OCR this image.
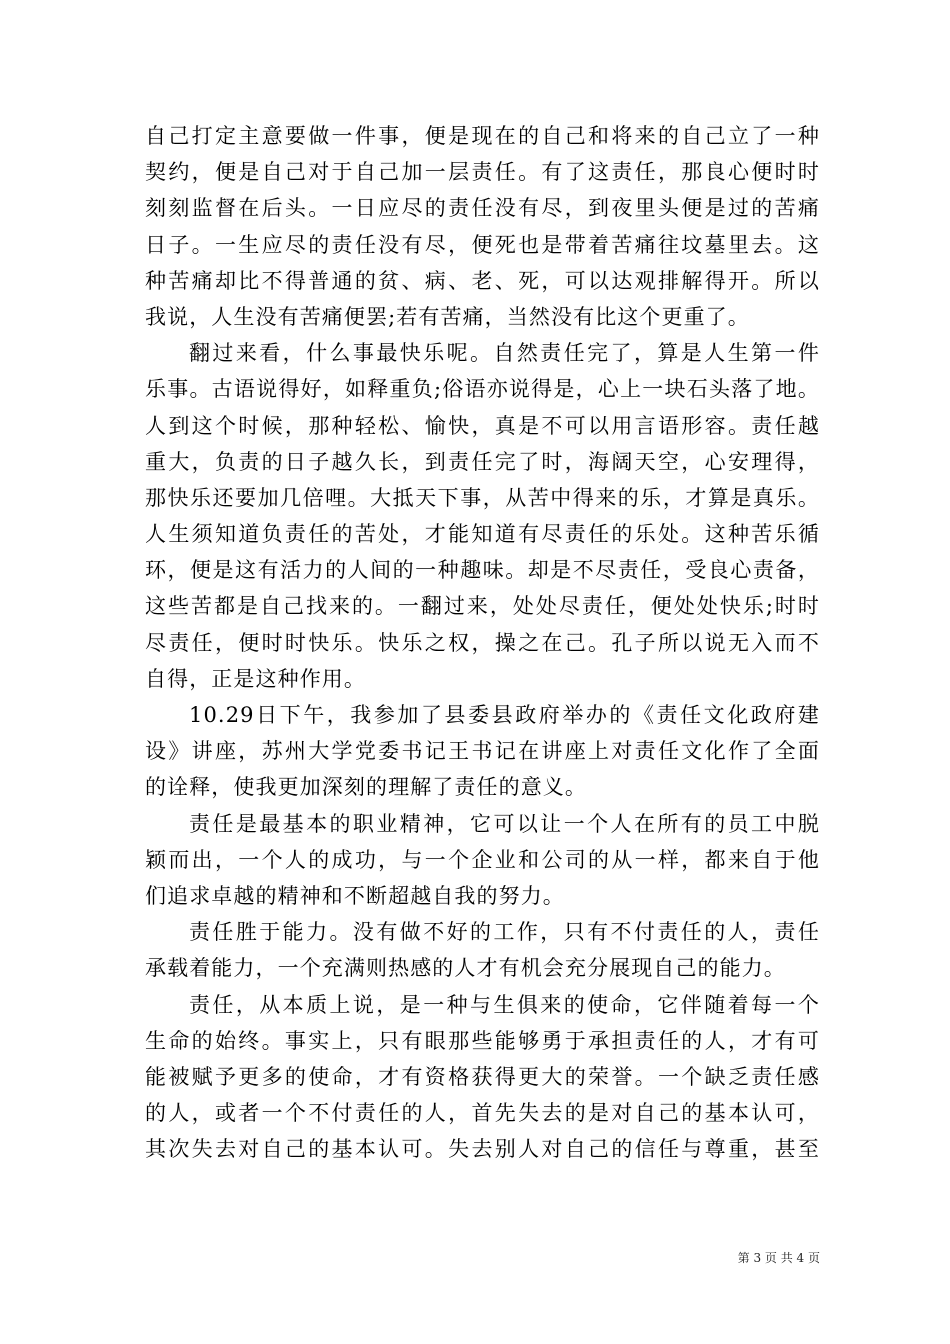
自己打定主意要做一件事，便是现在的自己和将来的自己立了一种
契约，便是自己对于自己加一层责任。有了这责任，那良心便时时
刻刻监督在后头。一日应尽的责任没有尽，到夜里头便是过的苦痛
日子。一生应尽的责任没有尽，便死也是带着苦痛往坟墓里去。这
种苦痛却比不得普通的贫、病、老、死，可以达观排解得开。所以
我说，人生没有苦痛便罢;若有苦痛，当然没有比这个更重了。
翻过来看，什么事最快乐呢。自然责任完了，算是人生第一件
乐事。古语说得好，如释重负;俗语亦说得是，心上一块石头落了地。
人到这个时候，那种轻松、愉快，真是不可以用言语形容。责任越
重大，负责的日子越久长，到责任完了时，海阔天空，心安理得，
那快乐还要加几倍哩。大抵天下事，从苦中得来的乐，才算是真乐。
人生须知道负责任的苦处，才能知道有尽责任的乐处。这种苦乐循
环，便是这有活力的人间的一种趣味。却是不尽责任，受良心责备，
这些苦都是自己找来的。一翻过来，处处尽责任，便处处快乐;时时
尽责任，便时时快乐。快乐之权，操之在己。孔子所以说无入而不
自得，正是这种作用。
10.29日下午，我参加了县委县政府举办的《责任文化政府建
设》讲座，苏州大学党委书记王书记在讲座上对责任文化作了全面
的诠释，使我更加深刻的理解了责任的意义。
责任是最基本的职业精神，它可以让一个人在所有的员工中脱
颖而出，一个人的成功，与一个企业和公司的从一样，都来自于他
们追求卓越的精神和不断超越自我的努力。
责任胜于能力。没有做不好的工作，只有不付责任的人，责任
承载着能力，一个充满则热感的人才有机会充分展现自己的能力。
责任，从本质上说，是一种与生俱来的使命，它伴随着每一个
生命的始终。事实上，只有眼那些能够勇于承担责任的人，才有可
能被赋予更多的使命，才有资格获得更大的荣誉。一个缺乏责任感
的人，或者一个不付责任的人，首先失去的是对自己的基本认可，
其次失去对自己的基本认可。失去别人对自己的信任与尊重，甚至
第 3 页 共 4 页
